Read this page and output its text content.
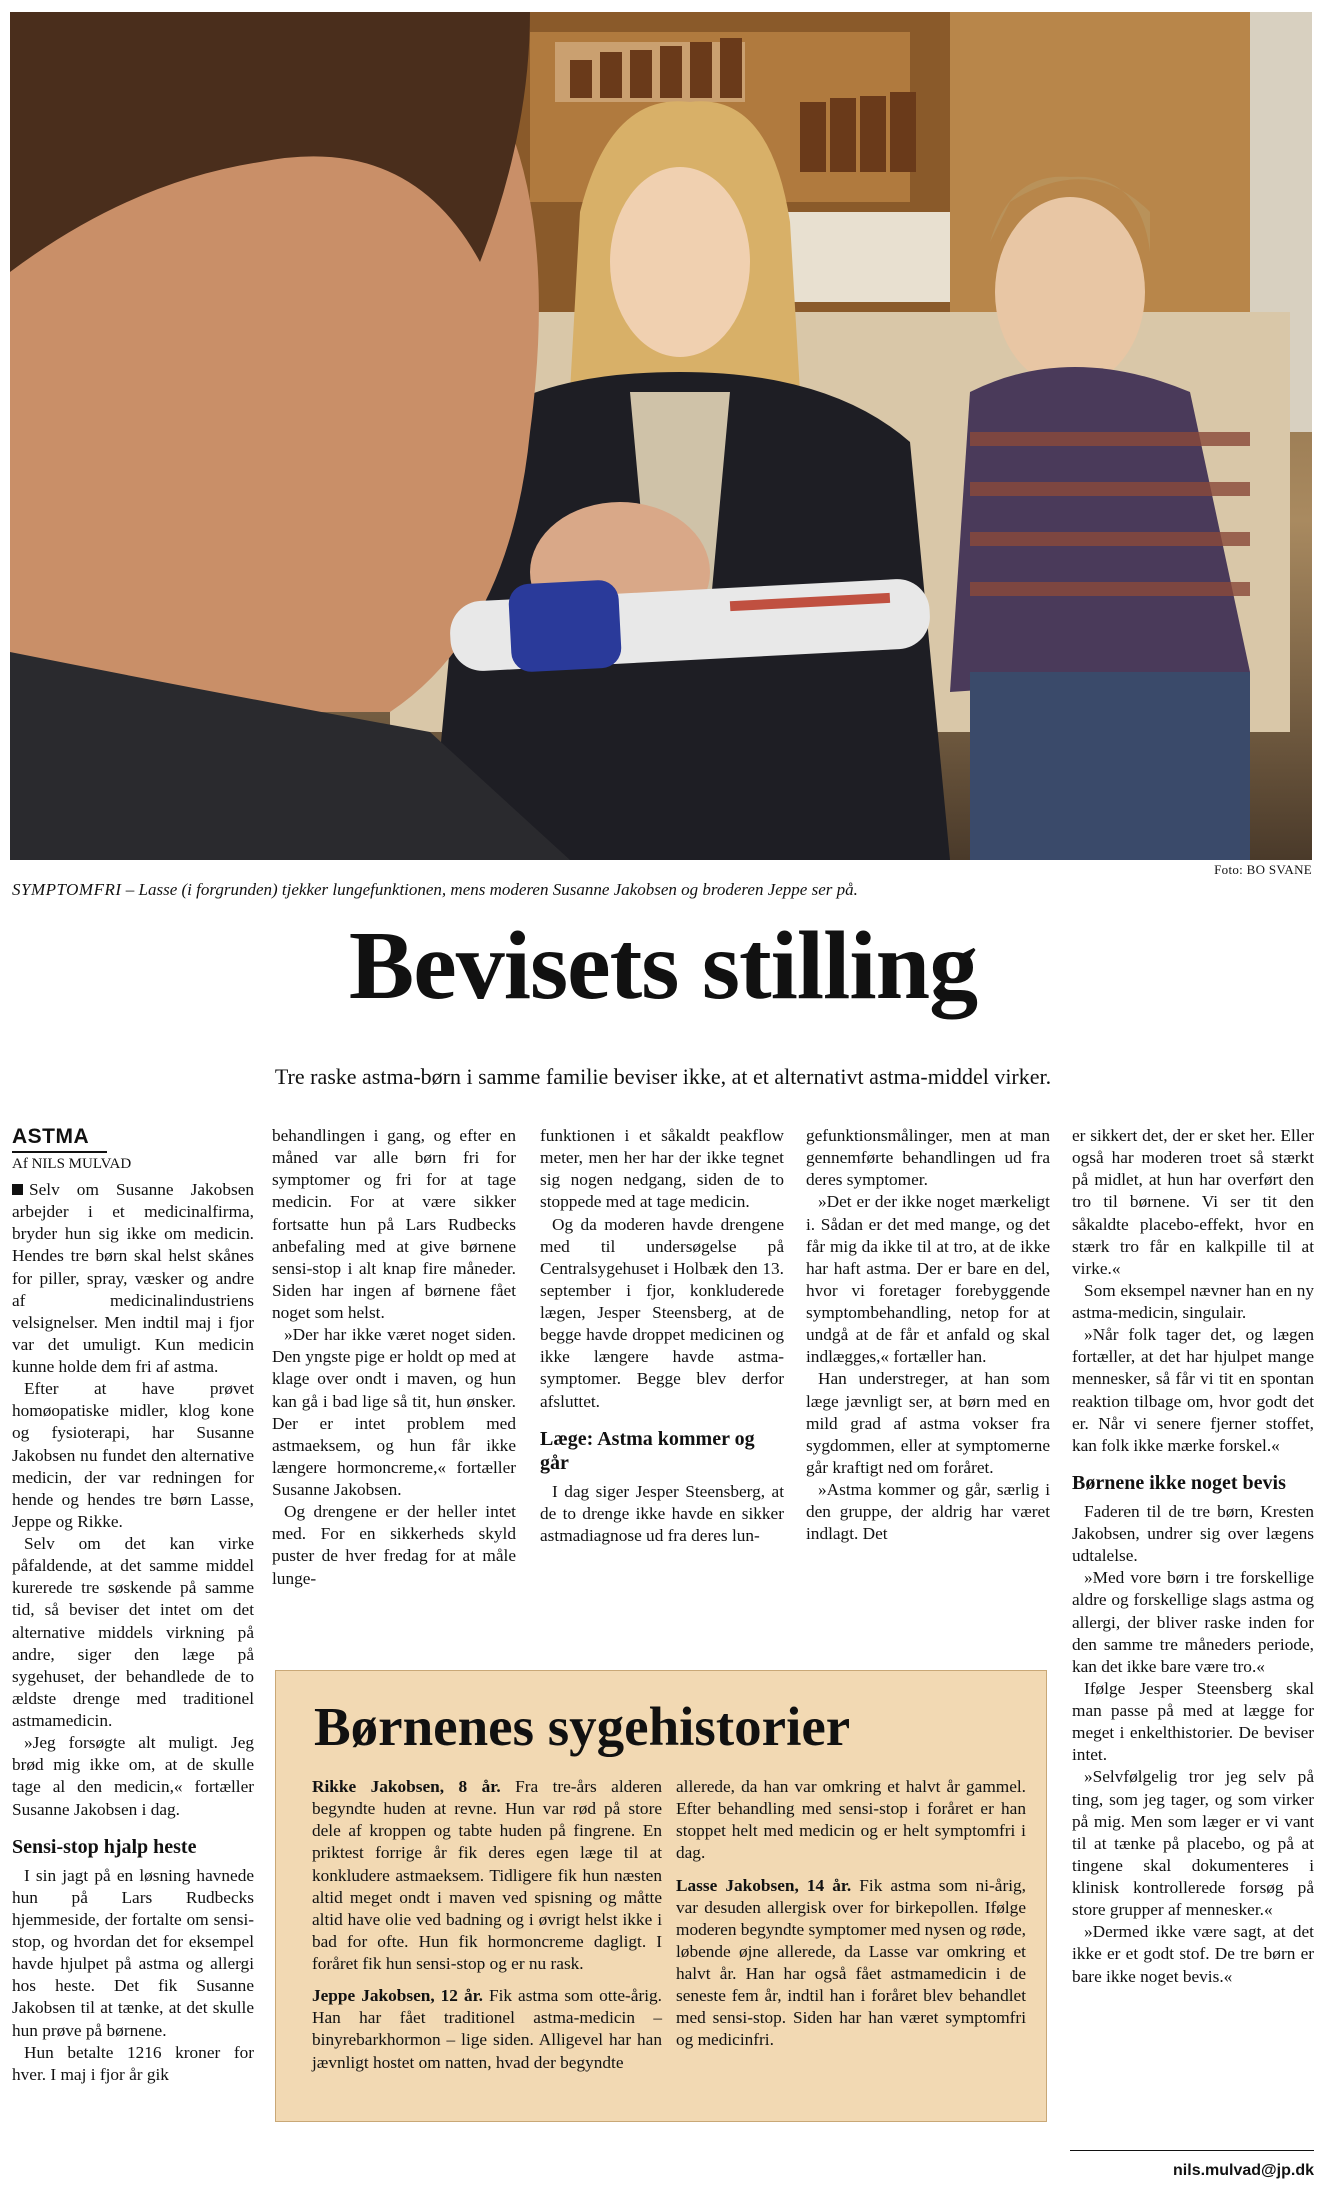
Foto: BO SVANE
SYMPTOMFRI – Lasse (i forgrunden) tjekker lungefunktionen, mens moderen Susanne Jakobsen og broderen Jeppe ser på.
Bevisets stilling
Tre raske astma-børn i samme familie beviser ikke, at et alternativt astma-middel virker.
ASTMA
Af NILS MULVAD

Selv om Susanne Jakobsen arbejder i et medicinalfirma, bryder hun sig ikke om medicin. Hendes tre børn skal helst skånes for piller, spray, væsker og andre af medicinalindustriens velsignelser. Men indtil maj i fjor var det umuligt. Kun medicin kunne holde dem fri af astma.

Efter at have prøvet homøopatiske midler, klog kone og fysioterapi, har Susanne Jakobsen nu fundet den alternative medicin, der var redningen for hende og hendes tre børn Lasse, Jeppe og Rikke.

Selv om det kan virke påfaldende, at det samme middel kurerede tre søskende på samme tid, så beviser det intet om det alternative middels virkning på andre, siger den læge på sygehuset, der behandlede de to ældste drenge med traditionel astmamedicin.

»Jeg forsøgte alt muligt. Jeg brød mig ikke om, at de skulle tage al den medicin,« fortæller Susanne Jakobsen i dag.

Sensi-stop hjalp heste

I sin jagt på en løsning havnede hun på Lars Rudbecks hjemmeside, der fortalte om sensi-stop, og hvordan det for eksempel havde hjulpet på astma og allergi hos heste. Det fik Susanne Jakobsen til at tænke, at det skulle hun prøve på børnene.

Hun betalte 1216 kroner for hver. I maj i fjor år gik

behandlingen i gang, og efter en måned var alle børn fri for symptomer og fri for at tage medicin. For at være sikker fortsatte hun på Lars Rudbecks anbefaling med at give børnene sensi-stop i alt knap fire måneder. Siden har ingen af børnene fået noget som helst.

»Der har ikke været noget siden. Den yngste pige er holdt op med at klage over ondt i maven, og hun kan gå i bad lige så tit, hun ønsker. Der er intet problem med astmaeksem, og hun får ikke længere hormoncreme,« fortæller Susanne Jakobsen.

Og drengene er der heller intet med. For en sikkerheds skyld puster de hver fredag for at måle lunge-

funktionen i et såkaldt peakflow meter, men her har der ikke tegnet sig nogen nedgang, siden de to stoppede med at tage medicin.

Og da moderen havde drengene med til undersøgelse på Centralsygehuset i Holbæk den 13. september i fjor, konkluderede lægen, Jesper Steensberg, at de begge havde droppet medicinen og ikke længere havde astma-symptomer. Begge blev derfor afsluttet.

Læge: Astma kommer og går

I dag siger Jesper Steensberg, at de to drenge ikke havde en sikker astmadiagnose ud fra deres lun-

gefunktionsmålinger, men at man gennemførte behandlingen ud fra deres symptomer.

»Det er der ikke noget mærkeligt i. Sådan er det med mange, og det får mig da ikke til at tro, at de ikke har haft astma. Der er bare en del, hvor vi foretager forebyggende symptombehandling, netop for at undgå at de får et anfald og skal indlægges,« fortæller han.

Han understreger, at han som læge jævnligt ser, at børn med en mild grad af astma vokser fra sygdommen, eller at symptomerne går kraftigt ned om foråret.

»Astma kommer og går, særlig i den gruppe, der aldrig har været indlagt. Det

er sikkert det, der er sket her. Eller også har moderen troet så stærkt på midlet, at hun har overført den tro til børnene. Vi ser tit den såkaldte placebo-effekt, hvor en stærk tro får en kalkpille til at virke.«

Som eksempel nævner han en ny astma-medicin, singulair.

»Når folk tager det, og lægen fortæller, at det har hjulpet mange mennesker, så får vi tit en spontan reaktion tilbage om, hvor godt det er. Når vi senere fjerner stoffet, kan folk ikke mærke forskel.«

Børnene ikke noget bevis

Faderen til de tre børn, Kresten Jakobsen, undrer sig over lægens udtalelse.

»Med vore børn i tre forskellige aldre og forskellige slags astma og allergi, der bliver raske inden for den samme tre måneders periode, kan det ikke bare være tro.«

Ifølge Jesper Steensberg skal man passe på med at lægge for meget i enkelthistorier. De beviser intet.

»Selvfølgelig tror jeg selv på ting, som jeg tager, og som virker på mig. Men som læger er vi vant til at tænke på placebo, og på at tingene skal dokumenteres i klinisk kontrollerede forsøg på store grupper af mennesker.«

»Dermed ikke være sagt, at det ikke er et godt stof. De tre børn er bare ikke noget bevis.«

Børnenes sygehistorier

Rikke Jakobsen, 8 år. Fra tre-års alderen begyndte huden at revne. Hun var rød på store dele af kroppen og tabte huden på fingrene. En priktest forrige år fik deres egen læge til at konkludere astmaeksem. Tidligere fik hun næsten altid meget ondt i maven ved spisning og måtte altid have olie ved badning og i øvrigt helst ikke i bad for ofte. Hun fik hormoncreme dagligt. I foråret fik hun sensi-stop og er nu rask.

Jeppe Jakobsen, 12 år. Fik astma som otte-årig. Han har fået traditionel astma-medicin – binyrebarkhormon – lige siden. Alligevel har han jævnligt hostet om natten, hvad der begyndte

allerede, da han var omkring et halvt år gammel. Efter behandling med sensi-stop i foråret er han stoppet helt med medicin og er helt symptomfri i dag.

Lasse Jakobsen, 14 år. Fik astma som ni-årig, var desuden allergisk over for birkepollen. Ifølge moderen begyndte symptomer med nysen og røde, løbende øjne allerede, da Lasse var omkring et halvt år. Han har også fået astmamedicin i de seneste fem år, indtil han i foråret blev behandlet med sensi-stop. Siden har han været symptomfri og medicinfri.

nils.mulvad@jp.dk
